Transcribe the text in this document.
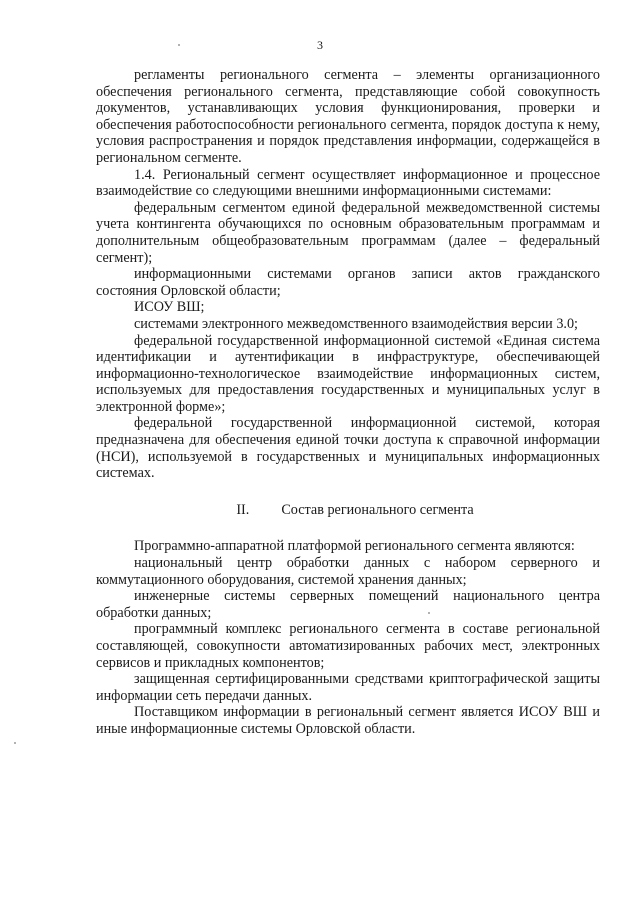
3

регламенты регионального сегмента – элементы организационного обеспечения регионального сегмента, представляющие собой совокупность документов, устанавливающих условия функционирования, проверки и обеспечения работоспособности регионального сегмента, порядок доступа к нему, условия распространения и порядок представления информации, содержащейся в региональном сегменте.

1.4. Региональный сегмент осуществляет информационное и процессное взаимодействие со следующими внешними информационными системами:

федеральным сегментом единой федеральной межведомственной системы учета контингента обучающихся по основным образовательным программам и дополнительным общеобразовательным программам (далее – федеральный сегмент);

информационными системами органов записи актов гражданского состояния Орловской области;

ИСОУ ВШ;

системами электронного межведомственного взаимодействия версии 3.0;

федеральной государственной информационной системой «Единая система идентификации и аутентификации в инфраструктуре, обеспечивающей информационно-технологическое взаимодействие информационных систем, используемых для предоставления государственных и муниципальных услуг в электронной форме»;

федеральной государственной информационной системой, которая предназначена для обеспечения единой точки доступа к справочной информации (НСИ), используемой в государственных и муниципальных информационных системах.

II. Состав регионального сегмента

Программно-аппаратной платформой регионального сегмента являются:

национальный центр обработки данных с набором серверного и коммутационного оборудования, системой хранения данных;

инженерные системы серверных помещений национального центра обработки данных;

программный комплекс регионального сегмента в составе региональной составляющей, совокупности автоматизированных рабочих мест, электронных сервисов и прикладных компонентов;

защищенная сертифицированными средствами криптографической защиты информации сеть передачи данных.

Поставщиком информации в региональный сегмент является ИСОУ ВШ и иные информационные системы Орловской области.
